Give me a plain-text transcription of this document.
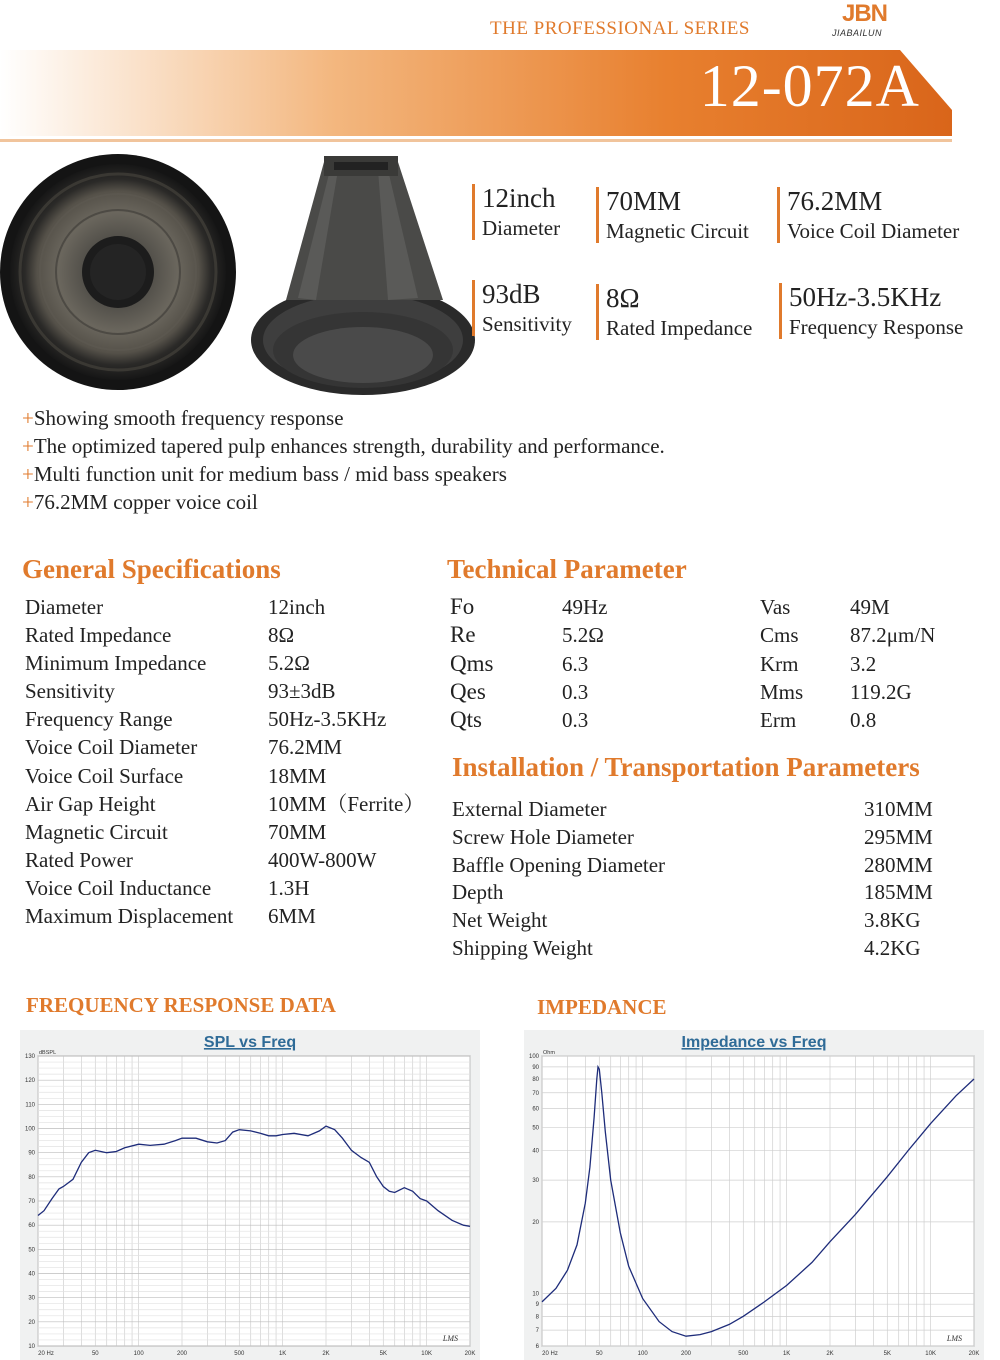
THE PROFESSIONAL SERIES
JBN
JIABAILUN
12-072A
12inch
Diameter
70MM
Magnetic Circuit
76.2MM
Voice Coil Diameter
93dB
Sensitivity
8Ω
Rated Impedance
50Hz-3.5KHz
Frequency Response
+Showing smooth frequency response
+The optimized tapered pulp enhances strength, durability and performance.
+Multi function unit for medium bass / mid bass speakers
+76.2MM copper voice coil
General Specifications	Technical Parameter
Installation / Transportation Parameters
FREQUENCY RESPONSE DATA	IMPEDANCE
Diameter	12inch
Rated Impedance	8Ω
Minimum Impedance	5.2Ω
Sensitivity	93±3dB
Frequency Range	50Hz-3.5KHz
Voice Coil Diameter	76.2MM
Voice Coil Surface	18MM
Air Gap Height	10MM（Ferrite）
Magnetic Circuit	70MM
Rated Power	400W-800W
Voice Coil Inductance	1.3H
Maximum Displacement 6MM
Fo	49Hz	Vas	49M
Re	5.2Ω	Cms 87.2μm/N
Qms	6.3	Krm 3.2
Qes	0.3	Mms 119.2G
Qts	0.3	Erm	0.8
External Diameter	310MM
Screw Hole Diameter	295MM
Baffle Opening Diameter	280MM
Depth	185MM
Net Weight	3.8KG
Shipping Weight	4.2KG
10
20
30
40
50
60
70
80
90
100
110
120
130
20 Hz	50	100	200	500	1K	2K	5K	10K	20K
dBSPL
SPL vs Freq
LMS
6
7
8
9
10
20
30
40
50
60
70
80
90
100
20 Hz	50	100	200	500	1K	2K	5K	10K	20K
Ohm
Impedance vs Freq
LMS
